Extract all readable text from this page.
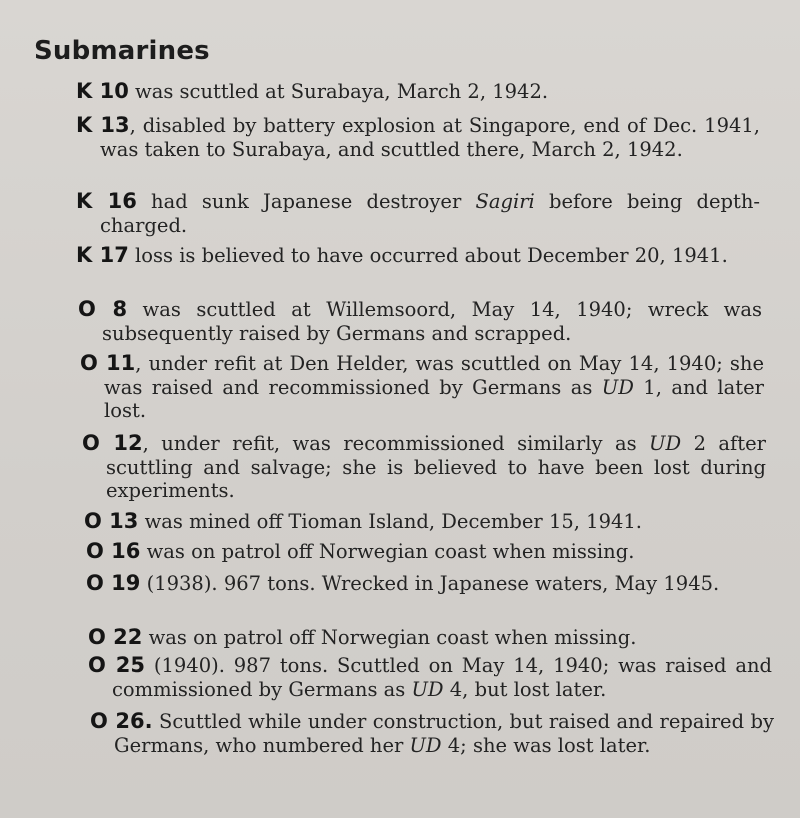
Submarines

K 10 was scuttled at Surabaya, March 2, 1942.

K 13, disabled by battery explosion at Singapore, end of Dec. 1941, was taken to Surabaya, and scuttled there, March 2, 1942.

K 16 had sunk Japanese destroyer Sagiri before being depth-charged.

K 17 loss is believed to have occurred about December 20, 1941.

O 8 was scuttled at Willemsoord, May 14, 1940; wreck was subsequently raised by Germans and scrapped.

O 11, under refit at Den Helder, was scuttled on May 14, 1940; she was raised and recommissioned by Germans as UD 1, and later lost.

O 12, under refit, was recommissioned similarly as UD 2 after scuttling and salvage; she is believed to have been lost during experiments.

O 13 was mined off Tioman Island, December 15, 1941.

O 16 was on patrol off Norwegian coast when missing.

O 19 (1938). 967 tons. Wrecked in Japanese waters, May 1945.

O 22 was on patrol off Norwegian coast when missing.

O 25 (1940). 987 tons. Scuttled on May 14, 1940; was raised and commissioned by Germans as UD 4, but lost later.

O 26. Scuttled while under construction, but raised and repaired by Germans, who numbered her UD 4; she was lost later.
